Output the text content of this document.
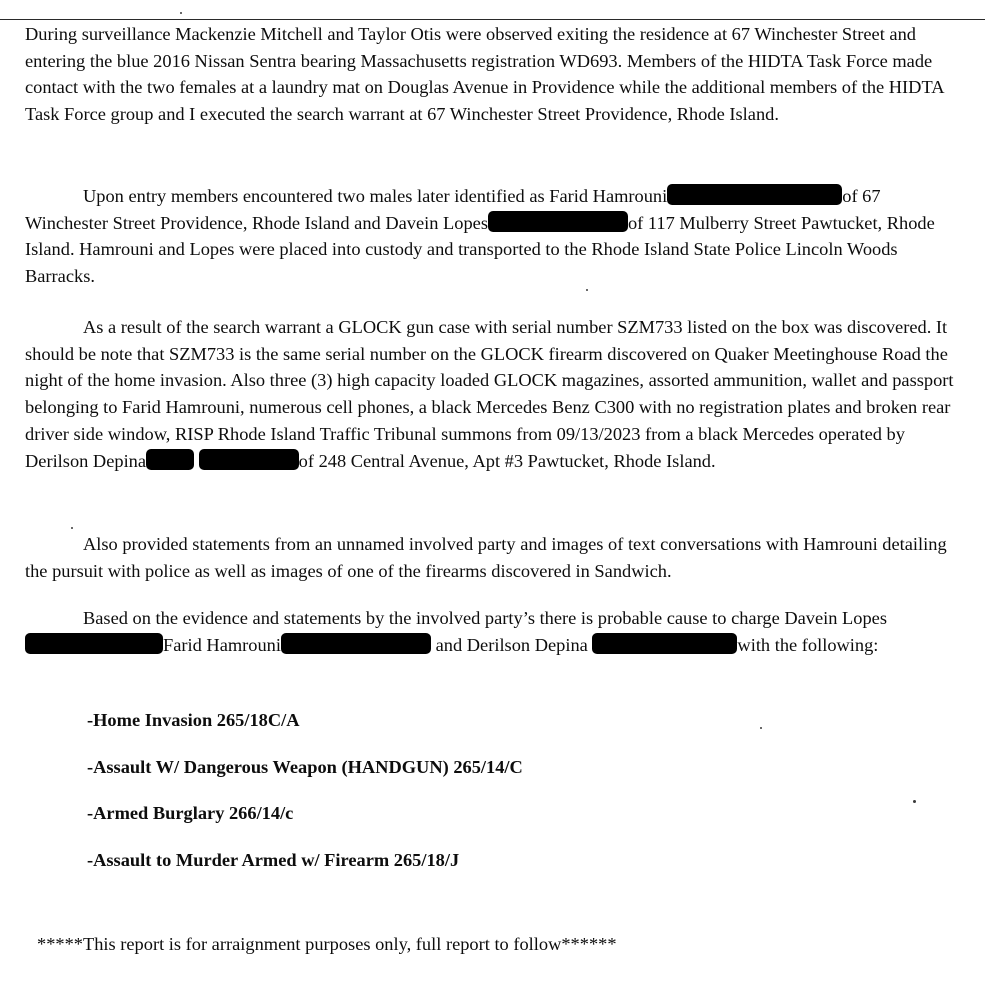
During surveillance Mackenzie Mitchell and Taylor Otis were observed exiting the residence at 67 Winchester Street and entering the blue 2016 Nissan Sentra bearing Massachusetts registration WD693. Members of the HIDTA Task Force made contact with the two females at a laundry mat on Douglas Avenue in Providence while the additional members of the HIDTA Task Force group and I executed the search warrant at 67 Winchester Street Providence, Rhode Island.

Upon entry members encountered two males later identified as Farid Hamrouni	of 67 Winchester Street Providence, Rhode Island and Davein Lopes	of 117 Mulberry Street Pawtucket, Rhode Island. Hamrouni and Lopes were placed into custody and transported to the Rhode Island State Police Lincoln Woods Barracks.

As a result of the search warrant a GLOCK gun case with serial number SZM733 listed on the box was discovered. It should be note that SZM733 is the same serial number on the GLOCK firearm discovered on Quaker Meetinghouse Road the night of the home invasion. Also three (3) high capacity loaded GLOCK magazines, assorted ammunition, wallet and passport belonging to Farid Hamrouni, numerous cell phones, a black Mercedes Benz C300 with no registration plates and broken rear driver side window, RISP Rhode Island Traffic Tribunal summons from 09/13/2023 from a black Mercedes operated by Derilson Depina	of 248 Central Avenue, Apt #3 Pawtucket, Rhode Island.

Also provided statements from an unnamed involved party and images of text conversations with Hamrouni detailing the pursuit with police as well as images of one of the firearms discovered in Sandwich.

Based on the evidence and statements by the involved party’s there is probable cause to charge Davein LopesFarid Hamrouni	and Derilson Depina	with the following:

-Home Invasion 265/18C/A

-Assault W/ Dangerous Weapon (HANDGUN) 265/14/C

-Armed Burglary 266/14/c

-Assault to Murder Armed w/ Firearm 265/18/J

*****This report is for arraignment purposes only, full report to follow******
